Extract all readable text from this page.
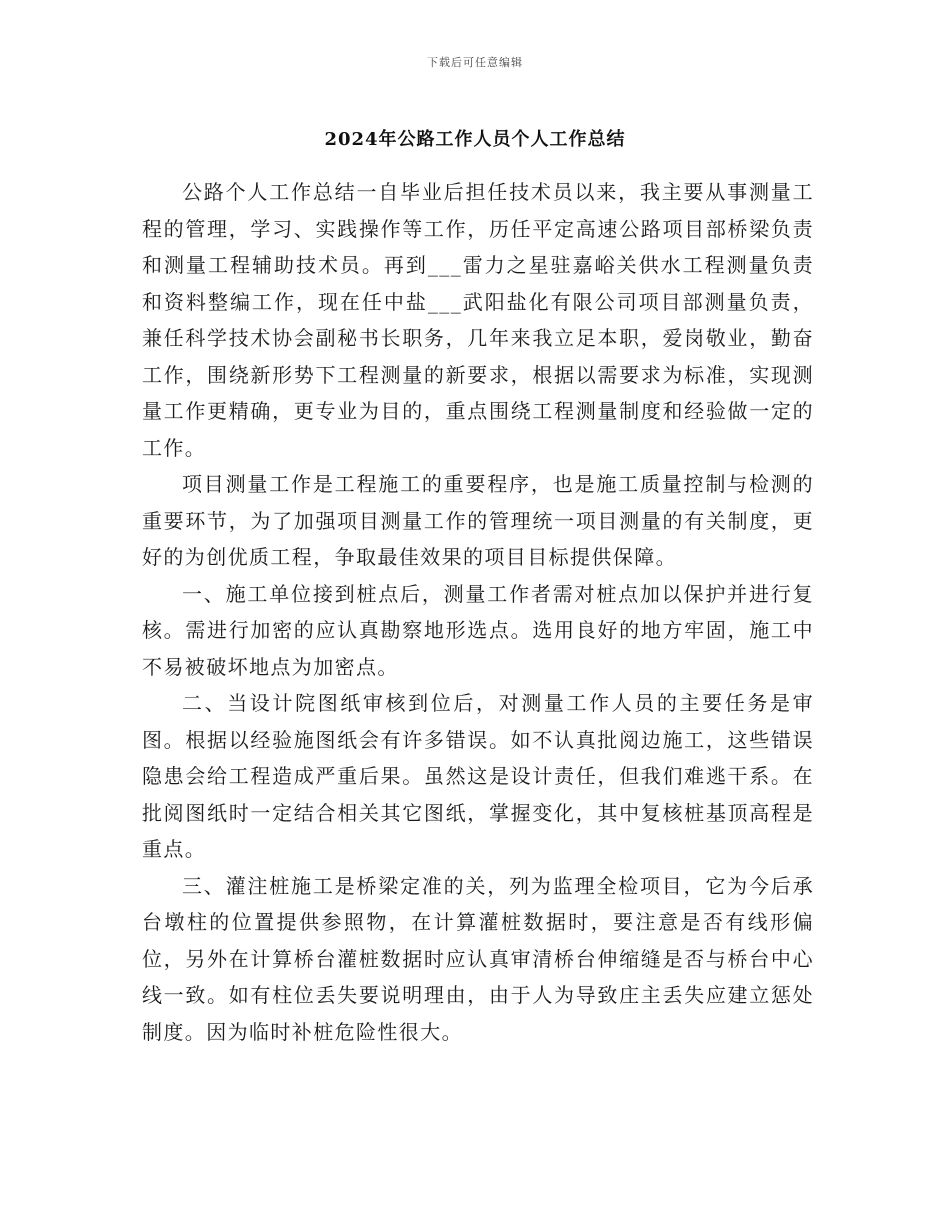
下载后可任意编辑
2024年公路工作人员个人工作总结

公路个人工作总结一自毕业后担任技术员以来，我主要从事测量工程的管理，学习、实践操作等工作，历任平定高速公路项目部桥梁负责和测量工程辅助技术员。再到___雷力之星驻嘉峪关供水工程测量负责和资料整编工作，现在任中盐___武阳盐化有限公司项目部测量负责，兼任科学技术协会副秘书长职务，几年来我立足本职，爱岗敬业，勤奋工作，围绕新形势下工程测量的新要求，根据以需要求为标准，实现测量工作更精确，更专业为目的，重点围绕工程测量制度和经验做一定的工作。

项目测量工作是工程施工的重要程序，也是施工质量控制与检测的重要环节，为了加强项目测量工作的管理统一项目测量的有关制度，更好的为创优质工程，争取最佳效果的项目目标提供保障。

一、施工单位接到桩点后，测量工作者需对桩点加以保护并进行复核。需进行加密的应认真勘察地形选点。选用良好的地方牢固，施工中不易被破坏地点为加密点。

二、当设计院图纸审核到位后，对测量工作人员的主要任务是审图。根据以经验施图纸会有许多错误。如不认真批阅边施工，这些错误隐患会给工程造成严重后果。虽然这是设计责任，但我们难逃干系。在批阅图纸时一定结合相关其它图纸，掌握变化，其中复核桩基顶高程是重点。

三、灌注桩施工是桥梁定准的关，列为监理全检项目，它为今后承台墩柱的位置提供参照物，在计算灌桩数据时，要注意是否有线形偏位，另外在计算桥台灌桩数据时应认真审清桥台伸缩缝是否与桥台中心线一致。如有柱位丢失要说明理由，由于人为导致庄主丢失应建立惩处制度。因为临时补桩危险性很大。
